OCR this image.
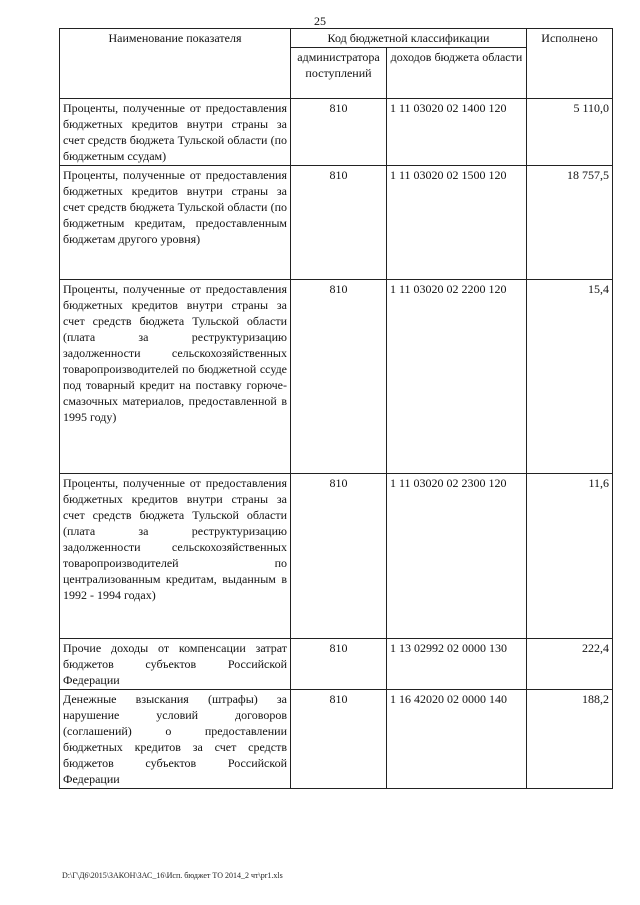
25
Наименование показателя	Код бюджетной классификации		Исполнено
	администратора поступлений	доходов бюджета области	
Проценты, полученные от предоставления бюджетных кредитов внутри страны за счет средств бюджета Тульской области (по бюджетным ссудам)	810	1 11 03020 02 1400 120	5 110,0
Проценты, полученные от предоставления бюджетных кредитов внутри страны за счет средств бюджета Тульской области (по бюджетным кредитам, предоставленным бюджетам другого уровня)	810	1 11 03020 02 1500 120	18 757,5
Проценты, полученные от предоставления бюджетных кредитов внутри страны за счет средств бюджета Тульской области (плата за реструктуризацию задолженности сельскохозяйственных товаропроизводителей по бюджетной ссуде под товарный кредит на поставку горюче-смазочных материалов, предоставленной в 1995 году)	810	1 11 03020 02 2200 120	15,4
Проценты, полученные от предоставления бюджетных кредитов внутри страны за счет средств бюджета Тульской области (плата за реструктуризацию задолженности сельскохозяйственных товаропроизводителей по централизованным кредитам, выданным в 1992 - 1994 годах)	810	1 11 03020 02 2300 120	11,6
Прочие доходы от компенсации затрат бюджетов субъектов Российской Федерации	810	1 13 02992 02 0000 130	222,4
Денежные взыскания (штрафы) за нарушение условий договоров (соглашений) о предоставлении бюджетных кредитов за счет средств бюджетов субъектов Российской Федерации	810	1 16 42020 02 0000 140	188,2
D:\Г\Д6\2015\ЗАКОН\ЗАС_16\Исп. бюджет ТО 2014_2 чт\pr1.xls
